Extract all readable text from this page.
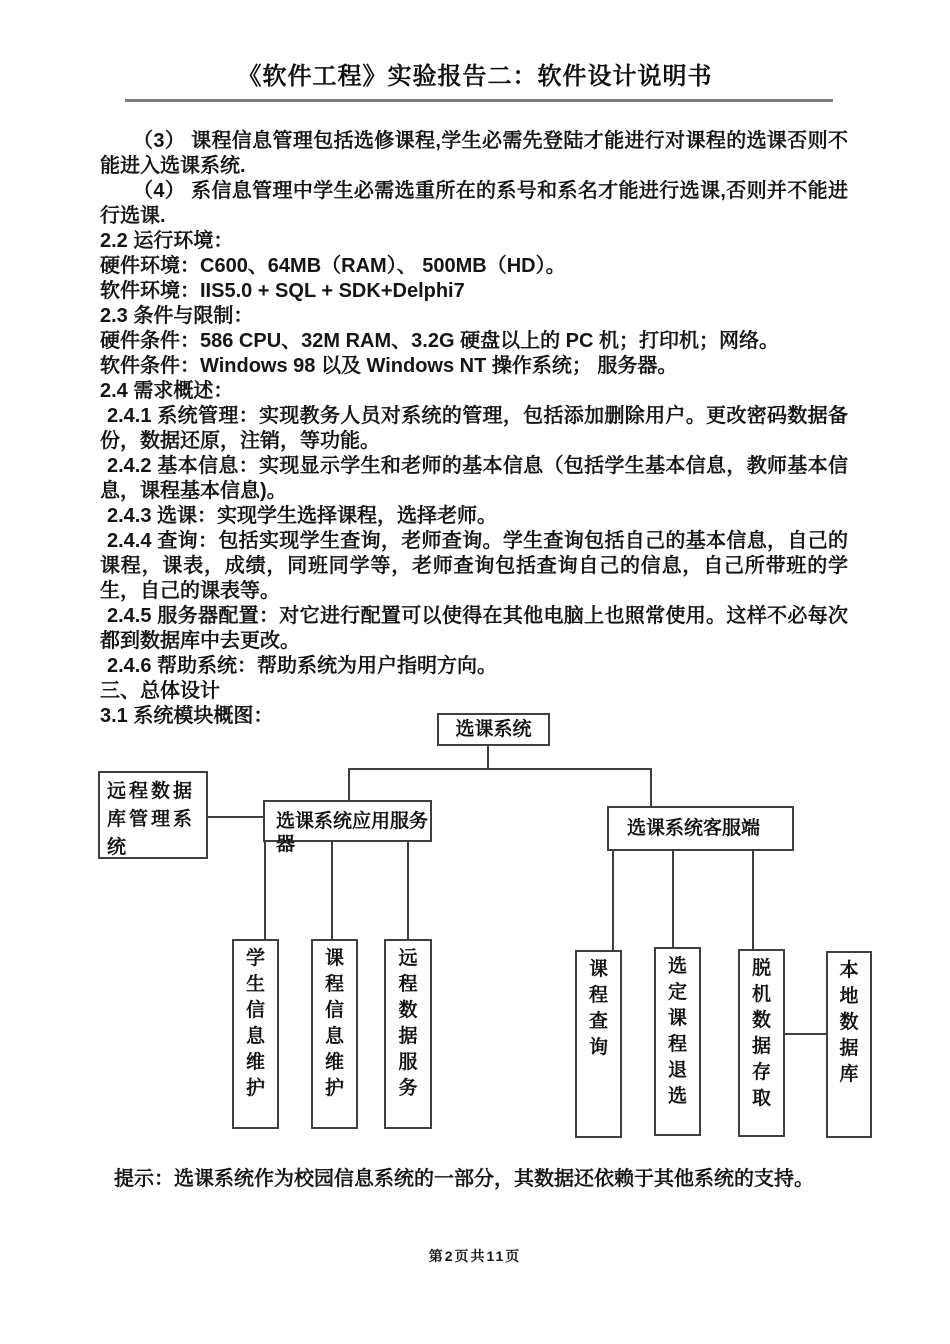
《软件工程》实验报告二：软件设计说明书

（3） 课程信息管理包括选修课程,学生必需先登陆才能进行对课程的选课否则不能进入选课系统.

（4） 系信息管理中学生必需选重所在的系号和系名才能进行选课,否则并不能进行选课.

2.2 运行环境：

硬件环境：C600、64MB（RAM）、 500MB（HD）。

软件环境：IIS5.0 + SQL + SDK+Delphi7

2.3 条件与限制：

硬件条件：586 CPU、32M RAM、3.2G 硬盘以上的 PC 机；打印机；网络。

软件条件：Windows 98 以及 Windows NT 操作系统； 服务器。

2.4 需求概述：

2.4.1 系统管理：实现教务人员对系统的管理，包括添加删除用户。更改密码数据备份，数据还原，注销，等功能。

2.4.2 基本信息：实现显示学生和老师的基本信息（包括学生基本信息，教师基本信息，课程基本信息)。

2.4.3 选课：实现学生选择课程，选择老师。

2.4.4 查询：包括实现学生查询，老师查询。学生查询包括自己的基本信息，自己的课程，课表，成绩，同班同学等，老师查询包括查询自己的信息，自己所带班的学生，自己的课表等。

2.4.5 服务器配置：对它进行配置可以使得在其他电脑上也照常使用。这样不必每次都到数据库中去更改。

2.4.6 帮助系统：帮助系统为用户指明方向。

三、总体设计

3.1 系统模块概图：

选课系统
远程数据库管理系统
选课系统应用服务器
选课系统客服端
学
生
信
息
维
护
课
程
信
息
维
护
远
程
数
据
服
务
课
程
查
询
选
定
课
程
退
选
脱
机
数
据
存
取
本
地
数
据
库

提示：选课系统作为校园信息系统的一部分，其数据还依赖于其他系统的支持。

第2页共11页
